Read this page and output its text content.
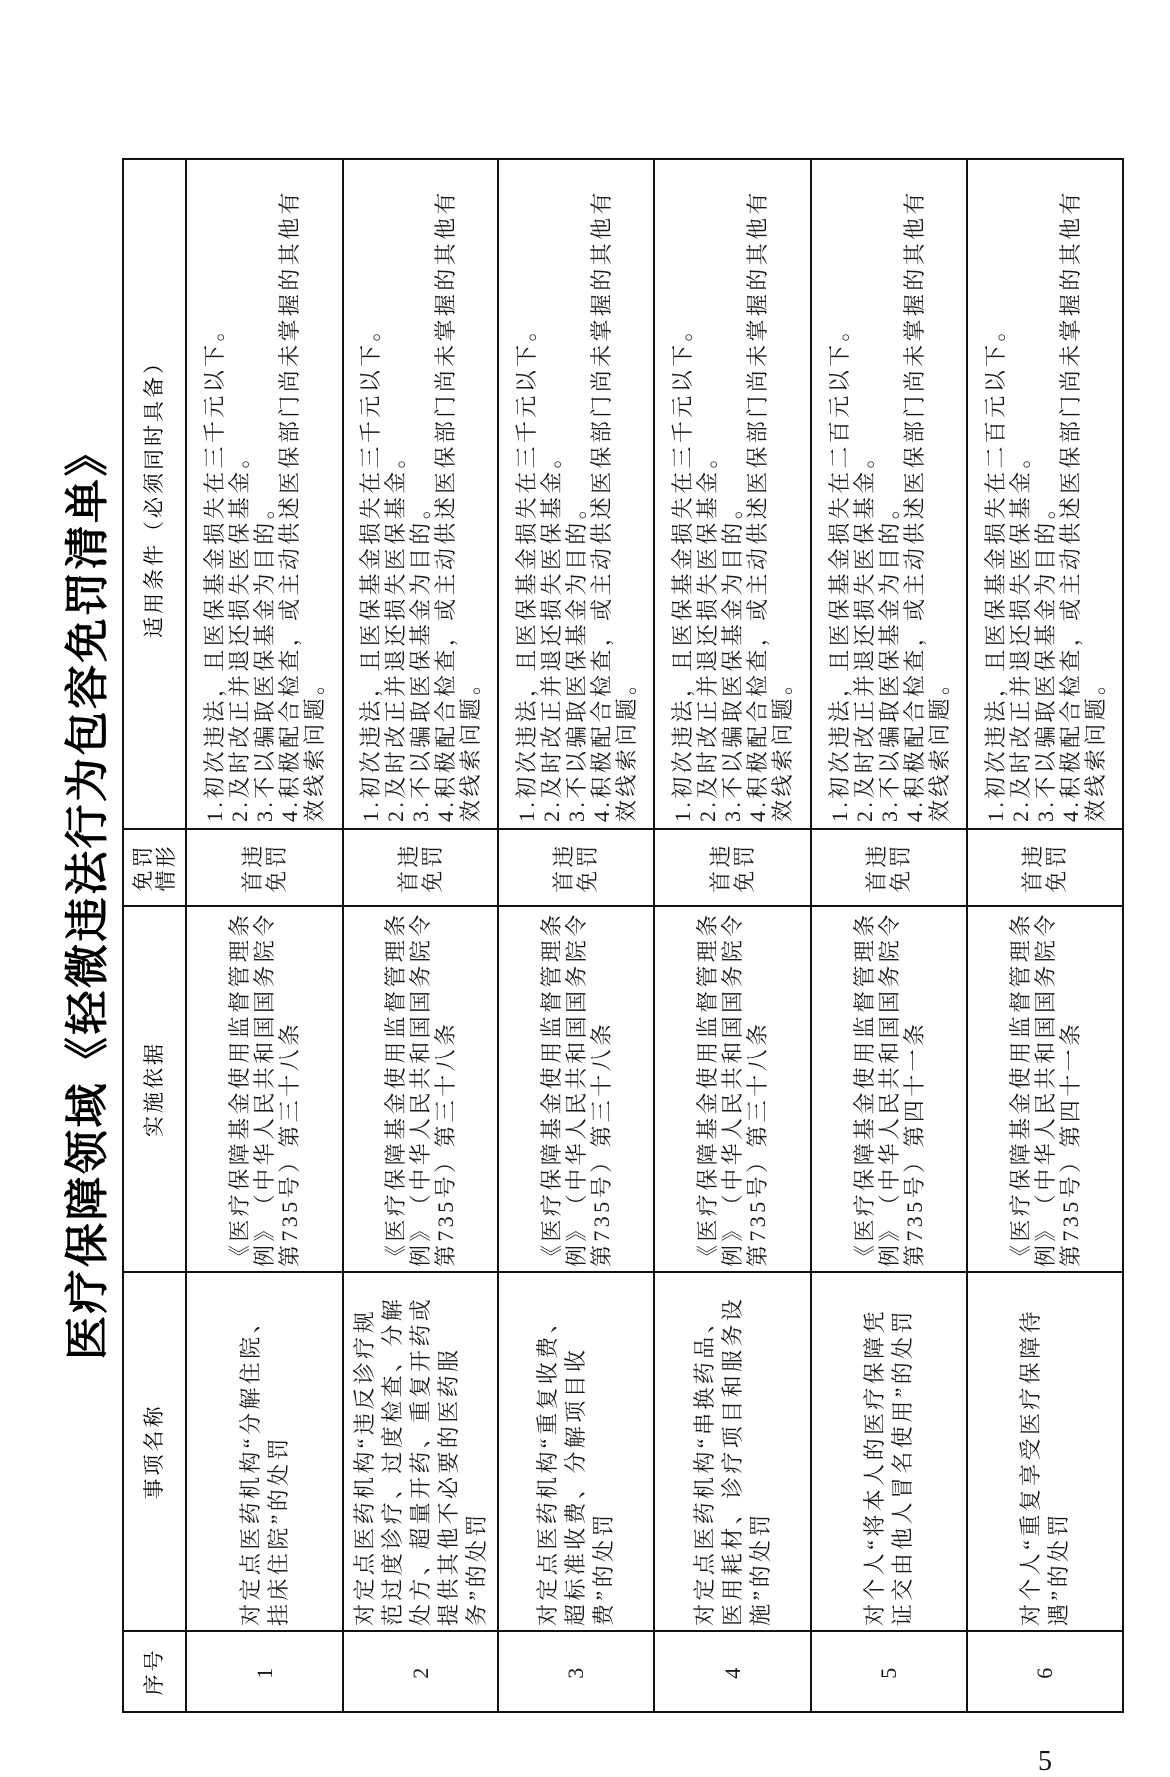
医疗保障领域《轻微违法行为包容免罚清单》
序号	事项名称	实施依据	免罚情形	适用条件（必须同时具备）
1	对定点医药机构“分解住院、挂床住院”的处罚	《医疗保障基金使用监督管理条例》（中华人民共和国国务院令第735号）第三十八条	首违免罚	1.初次违法，且医保基金损失在三千元以下。 2.及时改正并退还损失医保基金。 3.不以骗取医保基金为目的。 4.积极配合检查，或主动供述医保部门尚未掌握的其他有效线索问题。

2	对定点医药机构“违反诊疗规范过度诊疗、过度检查、分解处方、超量开药、重复开药或提供其他不必要的医药服务”的处罚	《医疗保障基金使用监督管理条例》（中华人民共和国国务院令第735号）第三十八条	首违免罚	1.初次违法，且医保基金损失在三千元以下。 2.及时改正并退还损失医保基金。 3.不以骗取医保基金为目的。 4.积极配合检查，或主动供述医保部门尚未掌握的其他有效线索问题。

3	对定点医药机构“重复收费、超标准收费、分解项目收费”的处罚	《医疗保障基金使用监督管理条例》（中华人民共和国国务院令第735号）第三十八条	首违免罚	1.初次违法，且医保基金损失在三千元以下。 2.及时改正并退还损失医保基金。 3.不以骗取医保基金为目的。 4.积极配合检查，或主动供述医保部门尚未掌握的其他有效线索问题。

4	对定点医药机构“串换药品、医用耗材、诊疗项目和服务设施”的处罚	《医疗保障基金使用监督管理条例》（中华人民共和国国务院令第735号）第三十八条	首违免罚	1.初次违法，且医保基金损失在三千元以下。 2.及时改正并退还损失医保基金。 3.不以骗取医保基金为目的。 4.积极配合检查，或主动供述医保部门尚未掌握的其他有效线索问题。

5	对个人“将本人的医疗保障凭证交由他人冒名使用”的处罚	《医疗保障基金使用监督管理条例》（中华人民共和国国务院令第735号）第四十一条	首违免罚	1.初次违法，且医保基金损失在二百元以下。 2.及时改正并退还损失医保基金。 3.不以骗取医保基金为目的。 4.积极配合检查，或主动供述医保部门尚未掌握的其他有效线索问题。

6	对个人“重复享受医疗保障待遇”的处罚	《医疗保障基金使用监督管理条例》（中华人民共和国国务院令第735号）第四十一条	首违免罚	1.初次违法，且医保基金损失在二百元以下。 2.及时改正并退还损失医保基金。 3.不以骗取医保基金为目的。 4.积极配合检查，或主动供述医保部门尚未掌握的其他有效线索问题。
5
